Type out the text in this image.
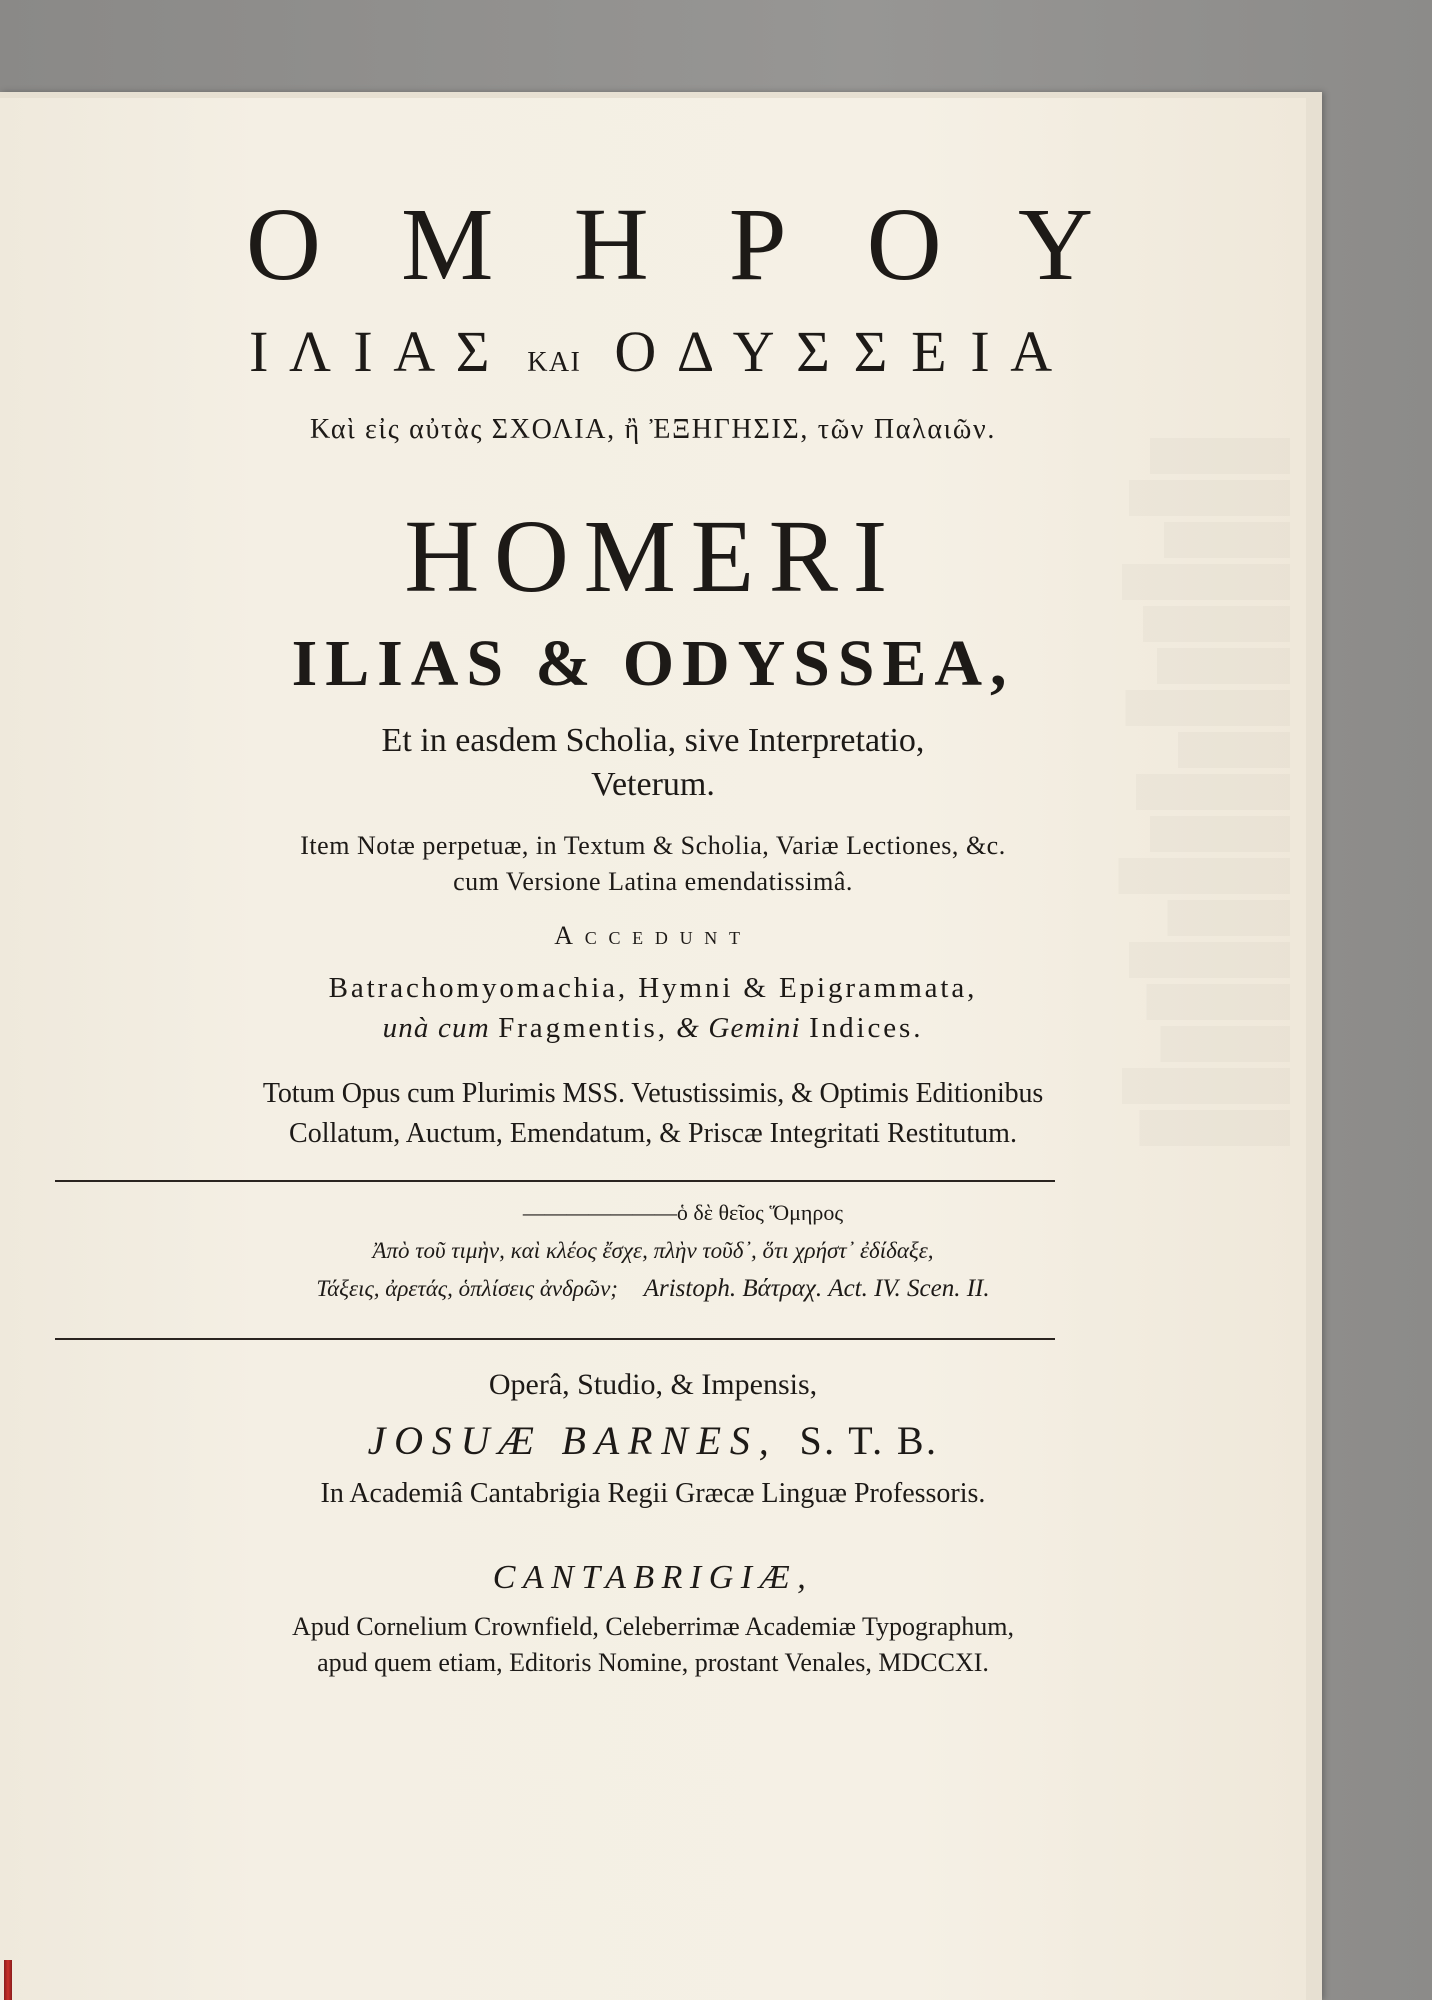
Ο Μ Η Ρ Ο Υ
Ι Λ Ι Α Σ ΚΑΙ Ο Δ Υ Σ Σ Ε Ι Α
Καὶ εἰς αὐτὰς ΣΧΟΛΙΑ, ἢ ἘΞΗΓΗΣΙΣ, τῶν Παλαιῶν.
HOMERI
ILIAS & ODYSSEA,
Et in easdem Scholia, sive Interpretatio,
Veterum.
Item Notæ perpetuæ, in Textum & Scholia, Variæ Lectiones, &c.
cum Versione Latina emendatissimâ.
Accedunt
Batrachomyomachia, Hymni & Epigrammata,
unà cum Fragmentis, & Gemini Indices.
Totum Opus cum Plurimis MSS. Vetustissimis, & Optimis Editionibus
Collatum, Auctum, Emendatum, & Priscæ Integritati Restitutum.
———————ὁ δὲ θεῖος Ὅμηρος
Ἀπὸ τοῦ τιμὴν, καὶ κλέος ἔσχε, πλὴν τοῦδ᾽, ὅτι χρήστ᾽ ἐδίδαξε,
Τάξεις, ἀρετάς, ὁπλίσεις ἀνδρῶν; Aristoph. Βάτραχ. Act. IV. Scen. II.
Operâ, Studio, & Impensis,
JOSUÆ BARNES, S. T. B.
In Academiâ Cantabrigia Regii Græcæ Linguæ Professoris.
CANTABRIGIÆ,
Apud Cornelium Crownfield, Celeberrimæ Academiæ Typographum,
apud quem etiam, Editoris Nomine, prostant Venales, MDCCXI.
